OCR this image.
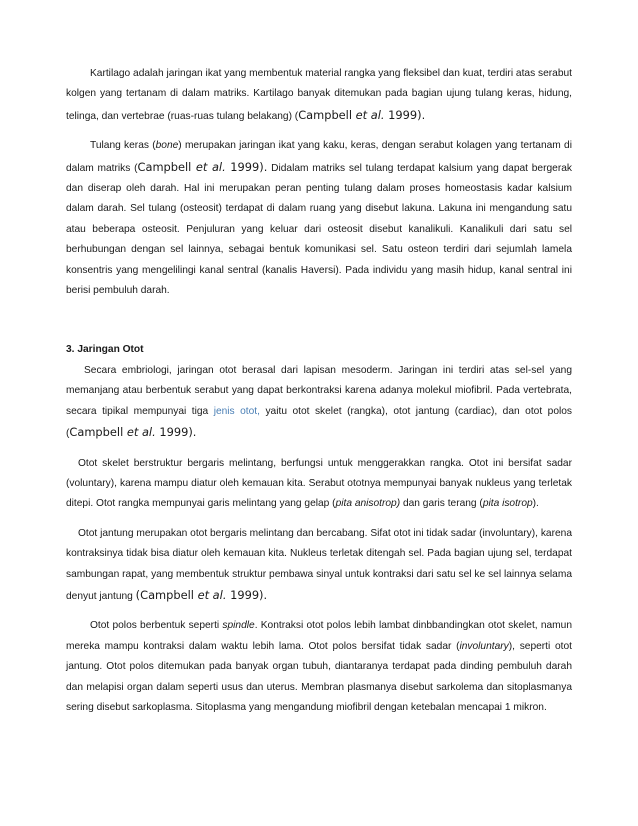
Kartilago adalah jaringan ikat yang membentuk material rangka yang fleksibel dan kuat, terdiri atas serabut kolgen yang tertanam di dalam matriks. Kartilago banyak ditemukan pada bagian ujung tulang keras, hidung, telinga, dan vertebrae (ruas-ruas tulang belakang) (Campbell et al. 1999).

Tulang keras (bone) merupakan jaringan ikat yang kaku, keras, dengan serabut kolagen yang tertanam di dalam matriks (Campbell et al. 1999). Didalam matriks sel tulang terdapat kalsium yang dapat bergerak dan diserap oleh darah. Hal ini merupakan peran penting tulang dalam proses homeostasis kadar kalsium dalam darah. Sel tulang (osteosit) terdapat di dalam ruang yang disebut lakuna. Lakuna ini mengandung satu atau beberapa osteosit. Penjuluran yang keluar dari osteosit disebut kanalikuli. Kanalikuli dari satu sel berhubungan dengan sel lainnya, sebagai bentuk komunikasi sel. Satu osteon terdiri dari sejumlah lamela konsentris yang mengelilingi kanal sentral (kanalis Haversi). Pada individu yang masih hidup, kanal sentral ini berisi pembuluh darah.

3. Jaringan Otot

Secara embriologi, jaringan otot berasal dari lapisan mesoderm. Jaringan ini terdiri atas sel-sel yang memanjang atau berbentuk serabut yang dapat berkontraksi karena adanya molekul miofibril. Pada vertebrata, secara tipikal mempunyai tiga jenis otot, yaitu otot skelet (rangka), otot jantung (cardiac), dan otot polos (Campbell et al. 1999).

Otot skelet berstruktur bergaris melintang, berfungsi untuk menggerakkan rangka. Otot ini bersifat sadar (voluntary), karena mampu diatur oleh kemauan kita. Serabut ototnya mempunyai banyak nukleus yang terletak ditepi. Otot rangka mempunyai garis melintang yang gelap (pita anisotrop) dan garis terang (pita isotrop).

Otot jantung merupakan otot bergaris melintang dan bercabang. Sifat otot ini tidak sadar (involuntary), karena kontraksinya tidak bisa diatur oleh kemauan kita. Nukleus terletak ditengah sel. Pada bagian ujung sel, terdapat sambungan rapat, yang membentuk struktur pembawa sinyal untuk kontraksi dari satu sel ke sel lainnya selama denyut jantung (Campbell et al. 1999).

Otot polos berbentuk seperti spindle. Kontraksi otot polos lebih lambat dinbbandingkan otot skelet, namun mereka mampu kontraksi dalam waktu lebih lama. Otot polos bersifat tidak sadar (involuntary), seperti otot jantung. Otot polos ditemukan pada banyak organ tubuh, diantaranya terdapat pada dinding pembuluh darah dan melapisi organ dalam seperti usus dan uterus. Membran plasmanya disebut sarkolema dan sitoplasmanya sering disebut sarkoplasma. Sitoplasma yang mengandung miofibril dengan ketebalan mencapai 1 mikron.
